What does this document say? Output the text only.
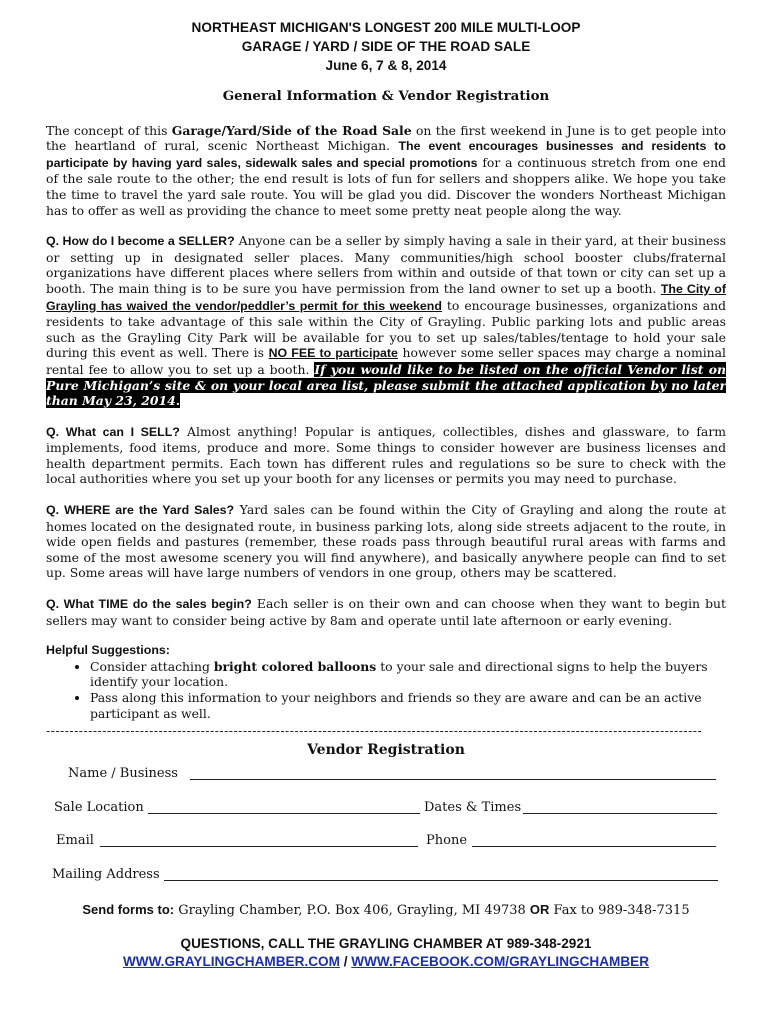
NORTHEAST MICHIGAN'S LONGEST 200 MILE MULTI-LOOP
GARAGE / YARD / SIDE OF THE ROAD SALE
June 6, 7 & 8, 2014
General Information & Vendor Registration

The concept of this Garage/Yard/Side of the Road Sale on the first weekend in June is to get people into the heartland of rural, scenic Northeast Michigan. The event encourages businesses and residents to participate by having yard sales, sidewalk sales and special promotions for a continuous stretch from one end of the sale route to the other; the end result is lots of fun for sellers and shoppers alike. We hope you take the time to travel the yard sale route. You will be glad you did. Discover the wonders Northeast Michigan has to offer as well as providing the chance to meet some pretty neat people along the way.

Q. How do I become a SELLER? Anyone can be a seller by simply having a sale in their yard, at their business or setting up in designated seller places. Many communities/high school booster clubs/fraternal organizations have different places where sellers from within and outside of that town or city can set up a booth. The main thing is to be sure you have permission from the land owner to set up a booth. The City of Grayling has waived the vendor/peddler’s permit for this weekend to encourage businesses, organizations and residents to take advantage of this sale within the City of Grayling. Public parking lots and public areas such as the Grayling City Park will be available for you to set up sales/tables/tentage to hold your sale during this event as well. There is NO FEE to participate however some seller spaces may charge a nominal rental fee to allow you to set up a booth. If you would like to be listed on the official Vendor list on Pure Michigan’s site & on your local area list, please submit the attached application by no later than May 23, 2014.

Q. What can I SELL? Almost anything! Popular is antiques, collectibles, dishes and glassware, to farm implements, food items, produce and more. Some things to consider however are business licenses and health department permits. Each town has different rules and regulations so be sure to check with the local authorities where you set up your booth for any licenses or permits you may need to purchase.

Q. WHERE are the Yard Sales? Yard sales can be found within the City of Grayling and along the route at homes located on the designated route, in business parking lots, along side streets adjacent to the route, in wide open fields and pastures (remember, these roads pass through beautiful rural areas with farms and some of the most awesome scenery you will find anywhere), and basically anywhere people can find to set up. Some areas will have large numbers of vendors in one group, others may be scattered.

Q. What TIME do the sales begin? Each seller is on their own and can choose when they want to begin but sellers may want to consider being active by 8am and operate until late afternoon or early evening.

Helpful Suggestions:
• Consider attaching bright colored balloons to your sale and directional signs to help the buyers identify your location.
• Pass along this information to your neighbors and friends so they are aware and can be an active participant as well.
--------------------------------------------------------------------------------------------------------------------------------------------
Vendor Registration
Name / Business
Sale Location	Dates & Times
Email	Phone
Mailing Address
Send forms to: Grayling Chamber, P.O. Box 406, Grayling, MI 49738 OR Fax to 989-348-7315
QUESTIONS, CALL THE GRAYLING CHAMBER AT 989-348-2921
WWW.GRAYLINGCHAMBER.COM / WWW.FACEBOOK.COM/GRAYLINGCHAMBER
